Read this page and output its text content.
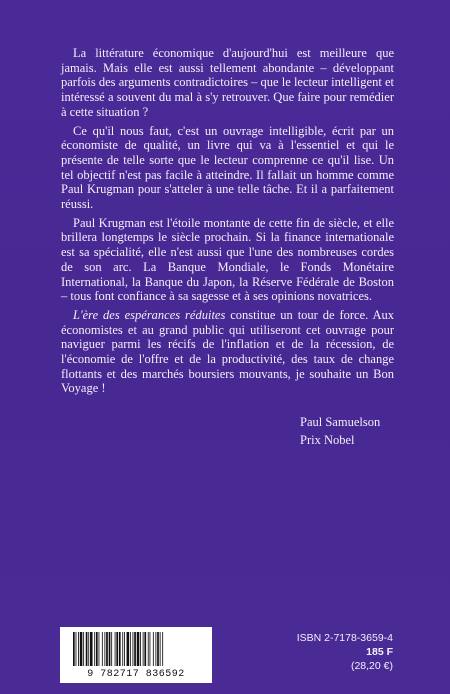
La littérature économique d'aujourd'hui est meilleure que jamais. Mais elle est aussi tellement abondante – développant parfois des arguments contradictoires – que le lecteur intelligent et intéressé a souvent du mal à s'y retrouver. Que faire pour remédier à cette situation ?

Ce qu'il nous faut, c'est un ouvrage intelligible, écrit par un économiste de qualité, un livre qui va à l'essentiel et qui le présente de telle sorte que le lecteur comprenne ce qu'il lise. Un tel objectif n'est pas facile à atteindre. Il fallait un homme comme Paul Krugman pour s'atteler à une telle tâche. Et il a parfaitement réussi.

Paul Krugman est l'étoile montante de cette fin de siècle, et elle brillera longtemps le siècle prochain. Si la finance internationale est sa spécialité, elle n'est aussi que l'une des nombreuses cordes de son arc. La Banque Mondiale, le Fonds Monétaire International, la Banque du Japon, la Réserve Fédérale de Boston – tous font confiance à sa sagesse et à ses opinions novatrices.

L'ère des espérances réduites constitue un tour de force. Aux économistes et au grand public qui utiliseront cet ouvrage pour naviguer parmi les récifs de l'inflation et de la récession, de l'économie de l'offre et de la productivité, des taux de change flottants et des marchés boursiers mouvants, je souhaite un Bon Voyage !

Paul Samuelson
Prix Nobel
9 782717 836592
ISBN 2-7178-3659-4
185 F
(28,20 €)
